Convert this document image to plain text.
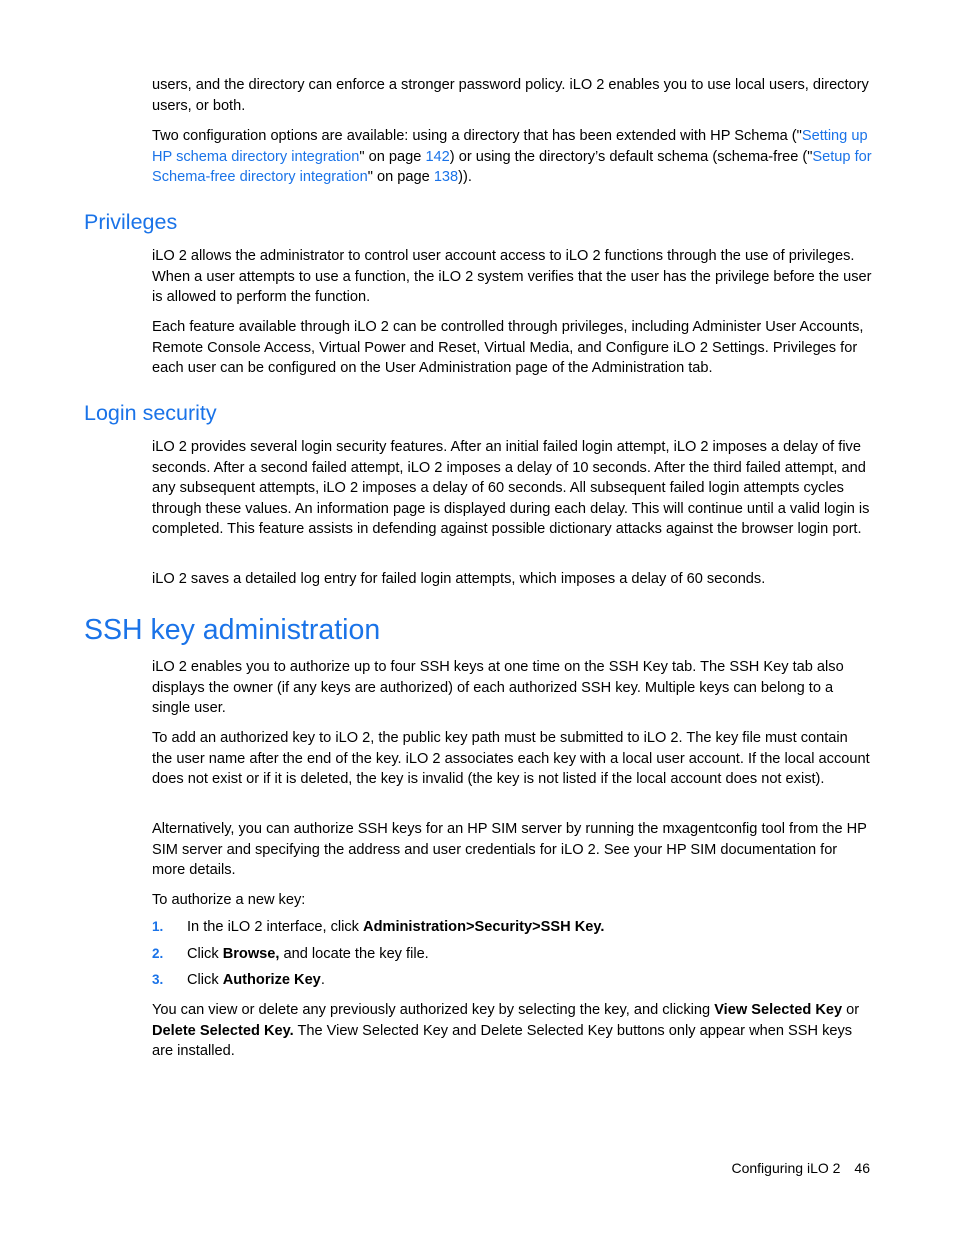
users, and the directory can enforce a stronger password policy. iLO 2 enables you to use local users, directory users, or both.

Two configuration options are available: using a directory that has been extended with HP Schema ("Setting up HP schema directory integration" on page 142) or using the directory’s default schema (schema-free ("Setup for Schema-free directory integration" on page 138)).

Privileges

iLO 2 allows the administrator to control user account access to iLO 2 functions through the use of privileges. When a user attempts to use a function, the iLO 2 system verifies that the user has the privilege before the user is allowed to perform the function.

Each feature available through iLO 2 can be controlled through privileges, including Administer User Accounts, Remote Console Access, Virtual Power and Reset, Virtual Media, and Configure iLO 2 Settings. Privileges for each user can be configured on the User Administration page of the Administration tab.

Login security

iLO 2 provides several login security features. After an initial failed login attempt, iLO 2 imposes a delay of five seconds. After a second failed attempt, iLO 2 imposes a delay of 10 seconds. After the third failed attempt, and any subsequent attempts, iLO 2 imposes a delay of 60 seconds. All subsequent failed login attempts cycles through these values. An information page is displayed during each delay. This will continue until a valid login is completed. This feature assists in defending against possible dictionary attacks against the browser login port.

iLO 2 saves a detailed log entry for failed login attempts, which imposes a delay of 60 seconds.

SSH key administration

iLO 2 enables you to authorize up to four SSH keys at one time on the SSH Key tab. The SSH Key tab also displays the owner (if any keys are authorized) of each authorized SSH key. Multiple keys can belong to a single user.

To add an authorized key to iLO 2, the public key path must be submitted to iLO 2. The key file must contain the user name after the end of the key. iLO 2 associates each key with a local user account. If the local account does not exist or if it is deleted, the key is invalid (the key is not listed if the local account does not exist).

Alternatively, you can authorize SSH keys for an HP SIM server by running the mxagentconfig tool from the HP SIM server and specifying the address and user credentials for iLO 2. See your HP SIM documentation for more details.

To authorize a new key:

1. In the iLO 2 interface, click Administration>Security>SSH Key.
2. Click Browse, and locate the key file.
3. Click Authorize Key.

You can view or delete any previously authorized key by selecting the key, and clicking View Selected Key or Delete Selected Key. The View Selected Key and Delete Selected Key buttons only appear when SSH keys are installed.

Configuring iLO 2 46
